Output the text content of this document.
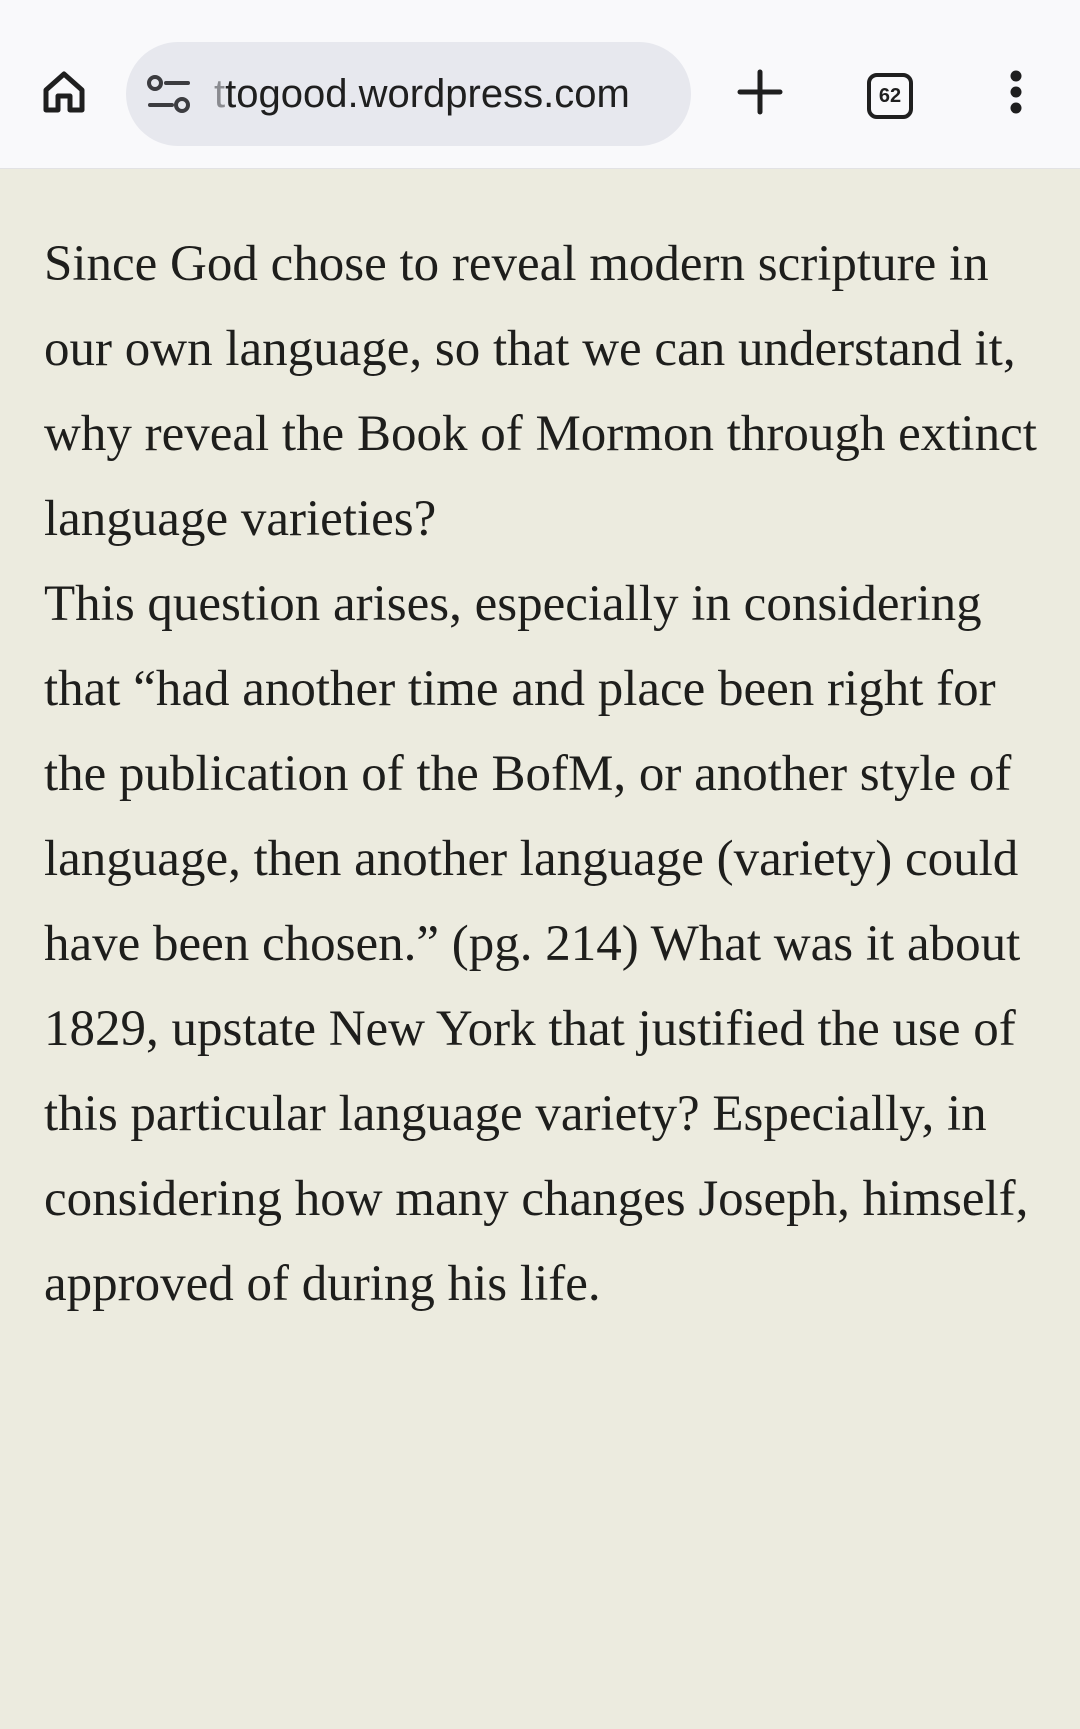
ttogood.wordpress.com	62

Since God chose to reveal modern scripture in our own language, so that we can understand it, why reveal the Book of Mormon through extinct language varieties?

This question arises, especially in considering that “had another time and place been right for the publication of the BofM, or another style of language, then another language (variety) could have been chosen.” (pg. 214) What was it about 1829, upstate New York that justified the use of this particular language variety? Especially, in considering how many changes Joseph, himself, approved of during his life.
